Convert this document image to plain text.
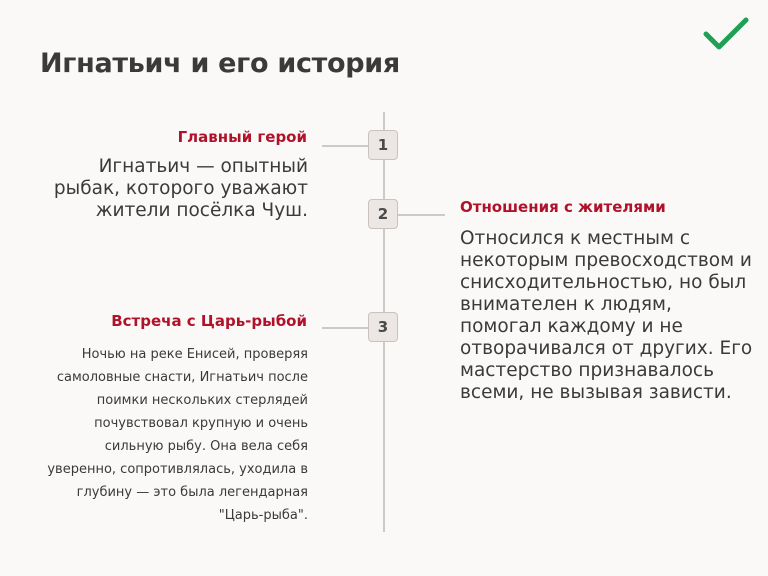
Игнатьич и его история
1
Главный герой
Игнатьич — опытный рыбак, которого уважают жители посёлка Чуш.	2	Отношения с жителями
Относился к местным с некоторым превосходством и снисходительностью, но был внимателен к людям, помогал каждому и не отворачивался от других. Его мастерство признавалось всеми, не вызывая зависти.
3
Встреча с Царь-рыбой
Ночью на реке Енисей, проверяя самоловные снасти, Игнатьич после поимки нескольких стерлядей почувствовал крупную и очень сильную рыбу. Она вела себя уверенно, сопротивлялась, уходила в глубину — это была легендарная "Царь-рыба".
